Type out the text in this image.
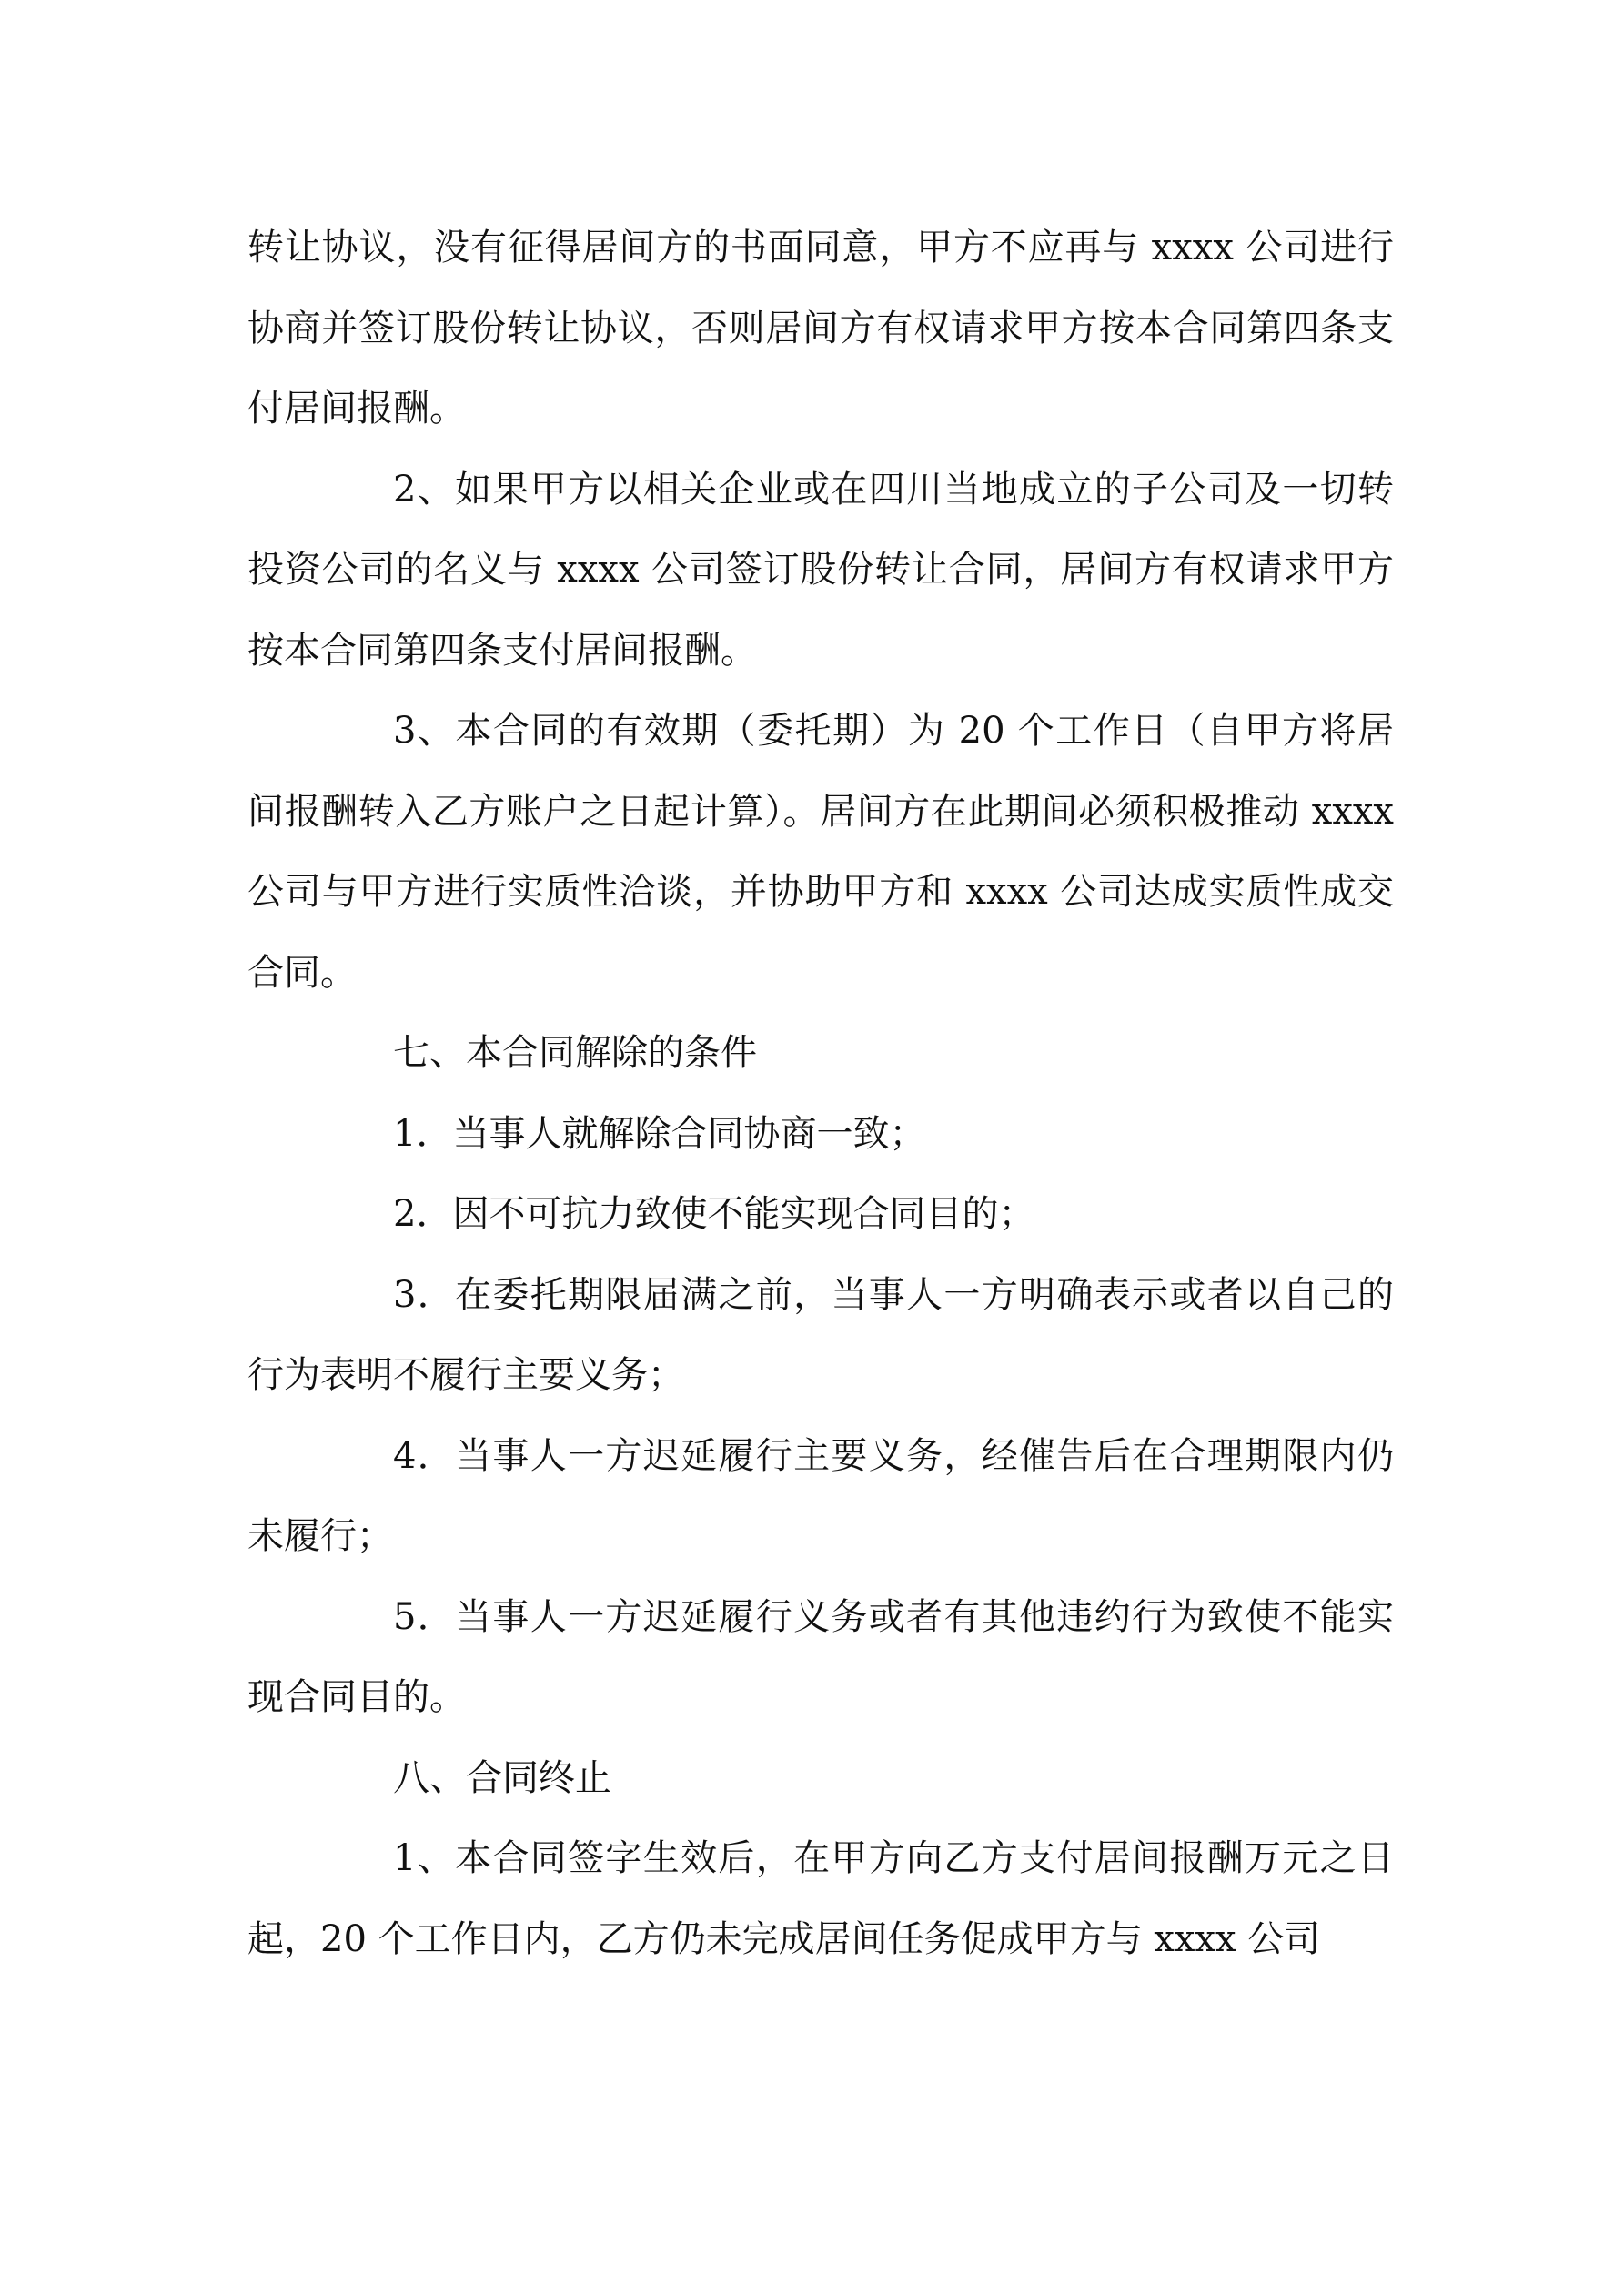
转让协议，没有征得居间方的书面同意，甲方不应再与 xxxx 公司进行协商并签订股份转让协议，否则居间方有权请求甲方按本合同第四条支付居间报酬。

2、如果甲方以相关企业或在四川当地成立的子公司及一切转投资公司的名义与 xxxx 公司签订股份转让合同，居间方有权请求甲方按本合同第四条支付居间报酬。

3、本合同的有效期（委托期）为 20 个工作日（自甲方将居间报酬转入乙方账户之日起计算）。居间方在此期间必须积极推动 xxxx 公司与甲方进行实质性洽谈，并协助甲方和 xxxx 公司达成实质性成交合同。

七、本合同解除的条件

1．当事人就解除合同协商一致；

2．因不可抗力致使不能实现合同目的；

3．在委托期限届满之前，当事人一方明确表示或者以自己的行为表明不履行主要义务；

4．当事人一方迟延履行主要义务，经催告后在合理期限内仍未履行；

5．当事人一方迟延履行义务或者有其他违约行为致使不能实现合同目的。

八、合同终止

1、本合同签字生效后，在甲方向乙方支付居间报酬万元之日起，20 个工作日内，乙方仍未完成居间任务促成甲方与 xxxx 公司
